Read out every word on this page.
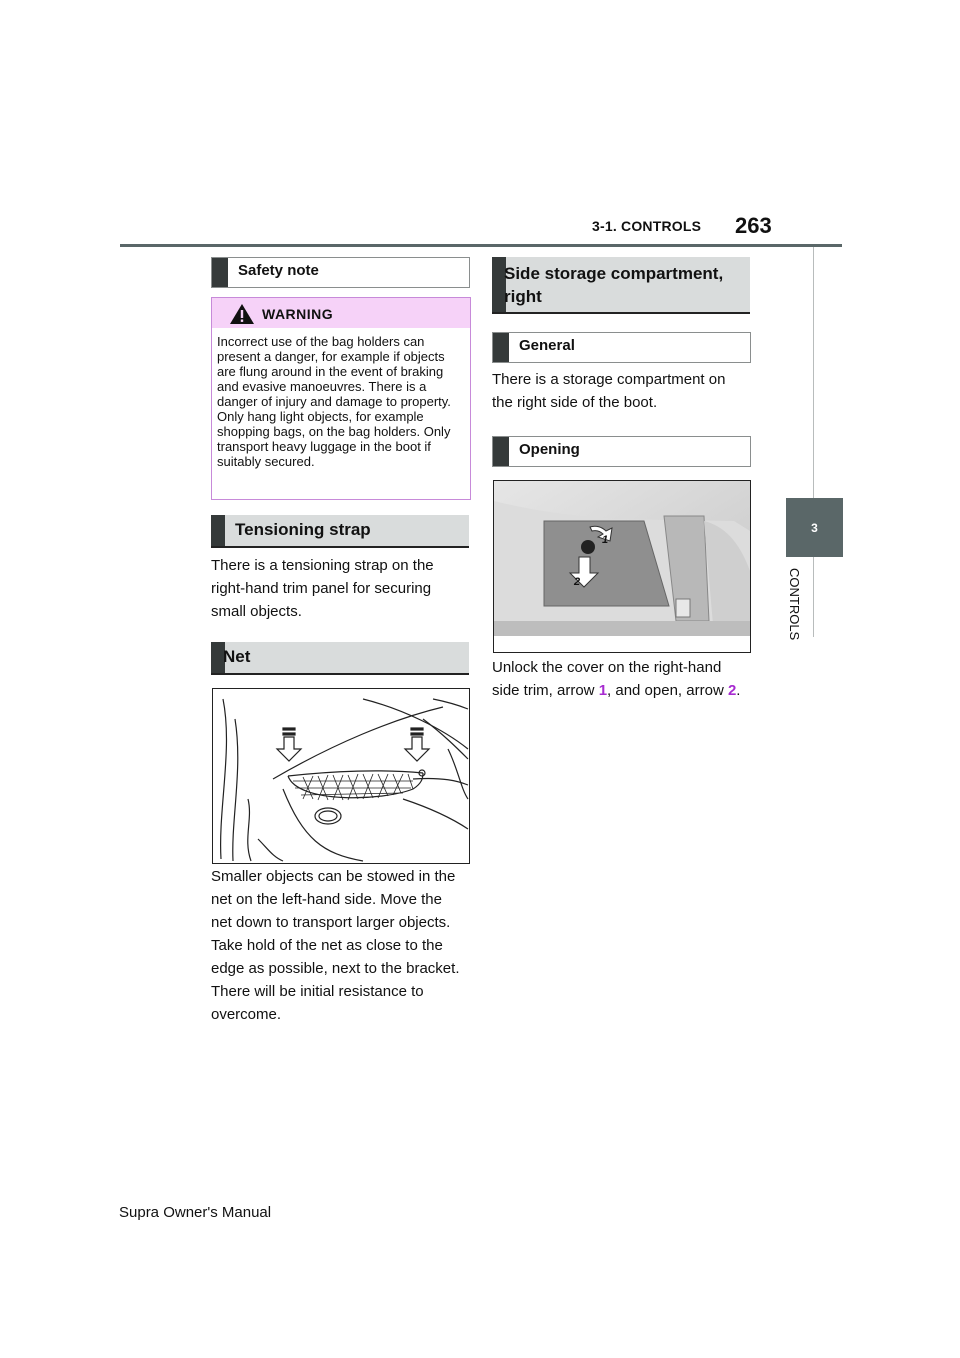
3-1. CONTROLS 263
3
CONTROLS
Safety note
WARNING
Incorrect use of the bag holders can present a danger, for example if objects are flung around in the event of braking and evasive manoeuvres. There is a danger of injury and damage to property. Only hang light objects, for example shopping bags, on the bag holders. Only transport heavy luggage in the boot if suitably secured.
Tensioning strap
There is a tensioning strap on the right-hand trim panel for securing small objects.
Net
Smaller objects can be stowed in the net on the left-hand side. Move the net down to transport larger objects. Take hold of the net as close to the edge as possible, next to the bracket. There will be initial resistance to overcome.
Side storage compartment,
right
General
There is a storage compartment on the right side of the boot.
Opening
1
2
Unlock the cover on the right-hand side trim, arrow 1, and open, arrow 2.
Supra Owner's Manual
